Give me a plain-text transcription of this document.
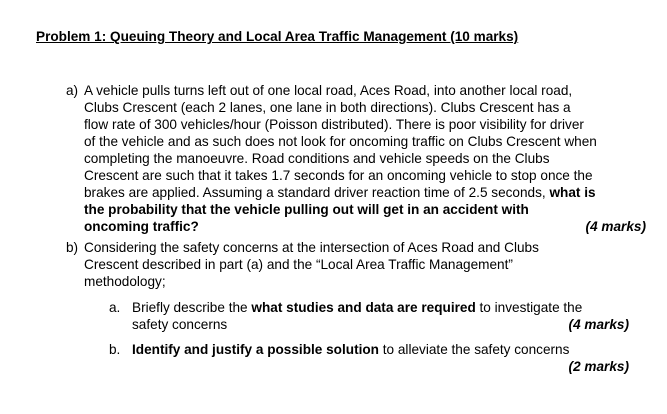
Problem 1: Queuing Theory and Local Area Traffic Management (10 marks)
a) A vehicle pulls turns left out of one local road, Aces Road, into another local road,
Clubs Crescent (each 2 lanes, one lane in both directions). Clubs Crescent has a
flow rate of 300 vehicles/hour (Poisson distributed). There is poor visibility for driver
of the vehicle and as such does not look for oncoming traffic on Clubs Crescent when
completing the manoeuvre. Road conditions and vehicle speeds on the Clubs
Crescent are such that it takes 1.7 seconds for an oncoming vehicle to stop once the
brakes are applied. Assuming a standard driver reaction time of 2.5 seconds, what is
the probability that the vehicle pulling out will get in an accident with
oncoming traffic?	(4 marks)
b) Considering the safety concerns at the intersection of Aces Road and Clubs
Crescent described in part (a) and the “Local Area Traffic Management”
methodology;
a. Briefly describe the what studies and data are required to investigate the
safety concerns	(4 marks)
b. Identify and justify a possible solution to alleviate the safety concerns
(2 marks)
